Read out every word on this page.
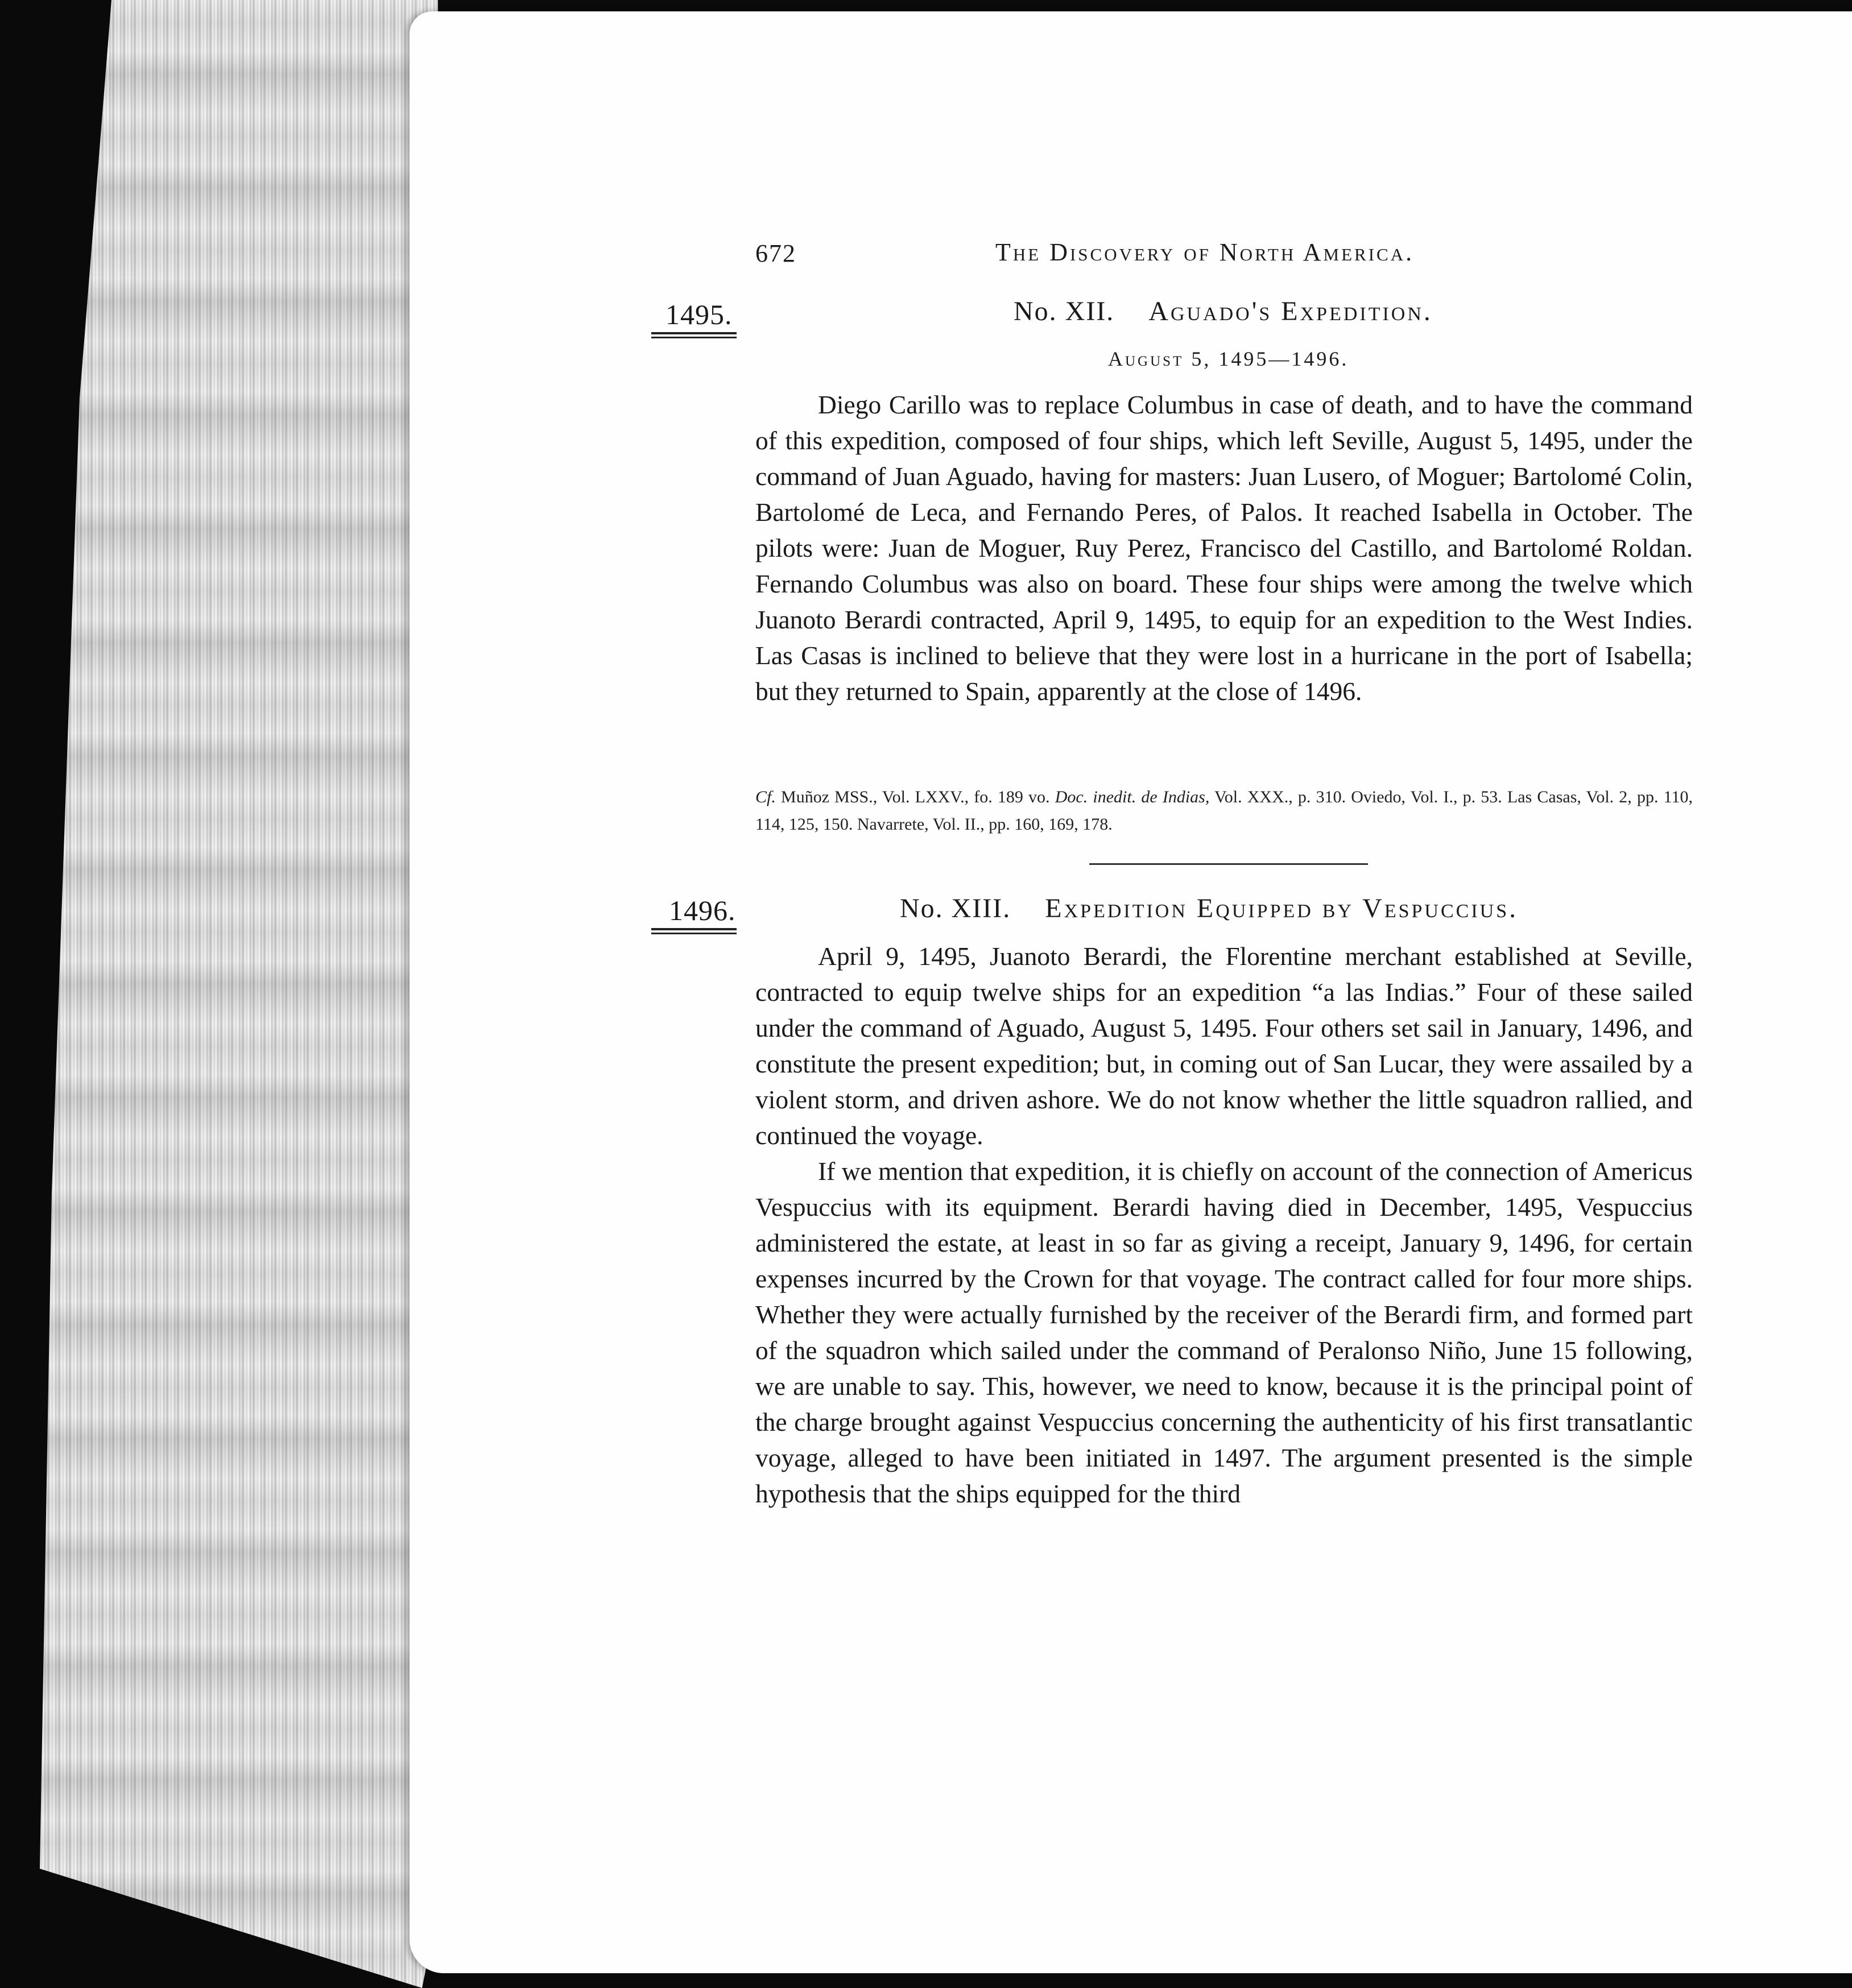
672	The Discovery of North America.
1495.	No. XII. Aguado's Expedition.
August 5, 1495—1496.

Diego Carillo was to replace Columbus in case of death, and to have the command of this expedition, composed of four ships, which left Seville, August 5, 1495, under the command of Juan Aguado, having for masters: Juan Lusero, of Moguer; Bartolomé Colin, Bartolomé de Leca, and Fernando Peres, of Palos. It reached Isabella in October. The pilots were: Juan de Moguer, Ruy Perez, Francisco del Castillo, and Bartolomé Roldan. Fernando Columbus was also on board. These four ships were among the twelve which Juanoto Berardi contracted, April 9, 1495, to equip for an expedition to the West Indies. Las Casas is inclined to believe that they were lost in a hurricane in the port of Isabella; but they returned to Spain, apparently at the close of 1496.

Cf. Muñoz MSS., Vol. LXXV., fo. 189 vo. Doc. inedit. de Indias, Vol. XXX., p. 310. Oviedo, Vol. I., p. 53. Las Casas, Vol. 2, pp. 110, 114, 125, 150. Navarrete, Vol. II., pp. 160, 169, 178.
1496.	No. XIII. Expedition Equipped by Vespuccius.

April 9, 1495, Juanoto Berardi, the Florentine merchant established at Seville, contracted to equip twelve ships for an expedition “a las Indias.” Four of these sailed under the command of Aguado, August 5, 1495. Four others set sail in January, 1496, and constitute the present expedition; but, in coming out of San Lucar, they were assailed by a violent storm, and driven ashore. We do not know whether the little squadron rallied, and continued the voyage.

If we mention that expedition, it is chiefly on account of the connection of Americus Vespuccius with its equipment. Berardi having died in December, 1495, Vespuccius administered the estate, at least in so far as giving a receipt, January 9, 1496, for certain expenses incurred by the Crown for that voyage. The contract called for four more ships. Whether they were actually furnished by the receiver of the Berardi firm, and formed part of the squadron which sailed under the command of Peralonso Niño, June 15 following, we are unable to say. This, however, we need to know, because it is the principal point of the charge brought against Vespuccius concerning the authenticity of his first transatlantic voyage, alleged to have been initiated in 1497. The argument presented is the simple hypothesis that the ships equipped for the third
